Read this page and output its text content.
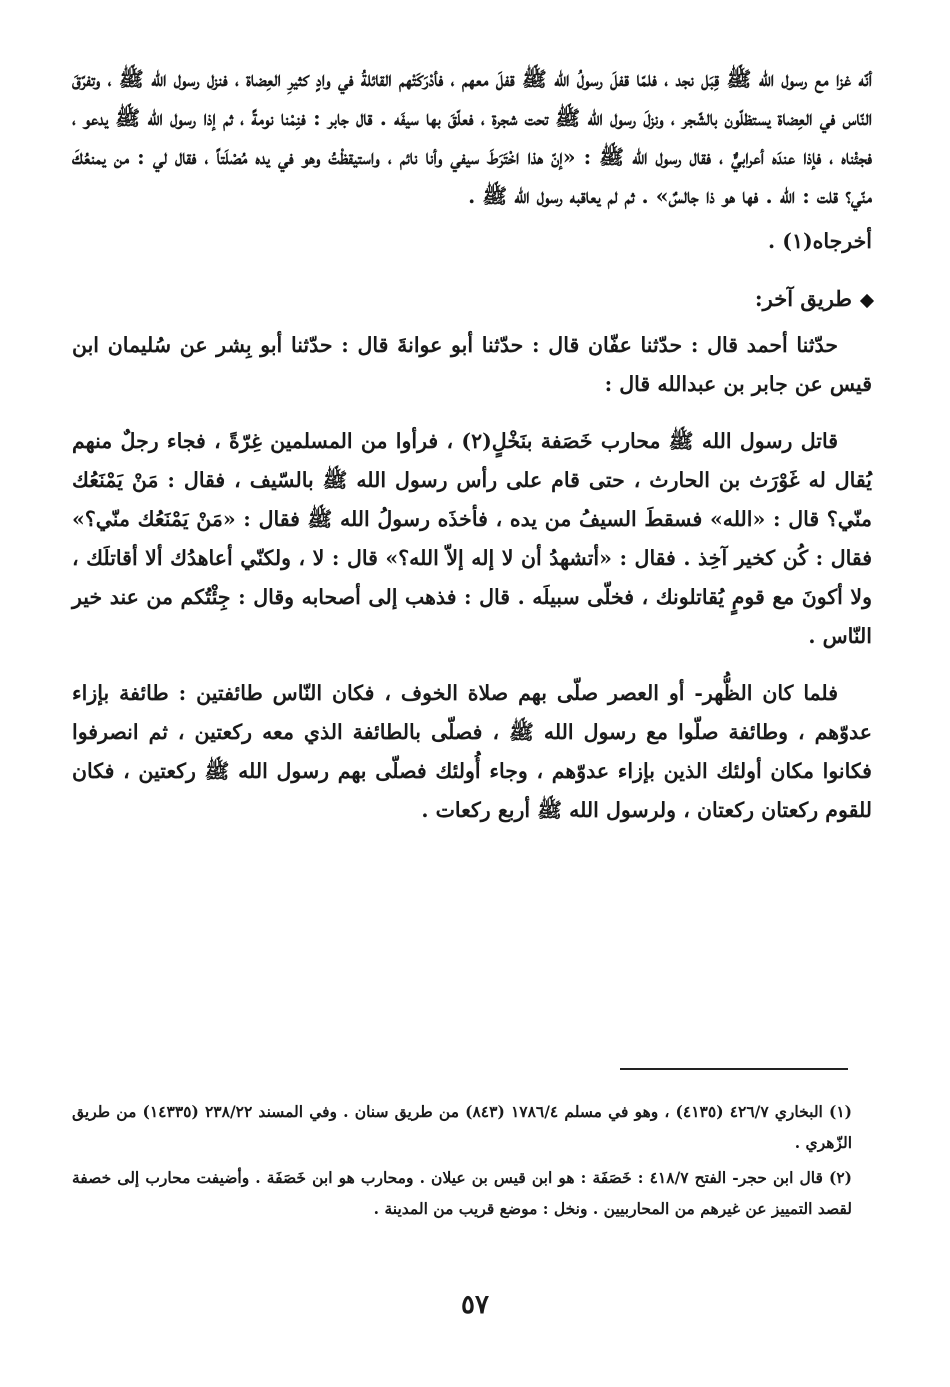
أنّه غزا مع رسول الله ﷺ قِبَل نجد ، فلمّا قفلَ رسولُ الله ﷺ قفلَ معهم ، فأدْرَكَتْهم القائلةُ في وادٍ كثيرِ العِضاة ، فنزل رسول الله ﷺ ، وتفرّقَ النّاس في العِضاة يستظلّون بالشّجر ، ونزلَ رسول الله ﷺ تحت شجرة ، فعلّقَ بها سيفَه . قال جابر : فنِمْنا نومةً ، ثم إذا رسول الله ﷺ يدعو ، فجئْناه ، فإذا عندَه أعرابيٌّ ، فقال رسول الله ﷺ : «إنّ هذا اخْتَرَطَ سيفي وأنا نائم ، واستيقظْتُ وهو في يده مُصْلَتاً ، فقال لي : من يمنعُكَ منّي؟ قلت : الله . فها هو ذا جالسٌ» . ثم لم يعاقبه رسول الله ﷺ .

أخرجاه(١) .

طريق آخر:

حدّثنا أحمد قال : حدّثنا عفّان قال : حدّثنا أبو عوانةَ قال : حدّثنا أبو بِشر عن سُليمان ابن قيس عن جابر بن عبدالله قال :

قاتل رسول الله ﷺ محارب خَصَفة بنَخْلٍ(٢) ، فرأوا من المسلمين غِرّةً ، فجاء رجلٌ منهم يُقال له غَوْرَث بن الحارث ، حتى قام على رأس رسول الله ﷺ بالسّيف ، فقال : مَنْ يَمْنَعُك منّي؟ قال : «الله» فسقطَ السيفُ من يده ، فأخذَه رسولُ الله ﷺ فقال : «مَنْ يَمْنَعُك منّي؟» فقال : كُن كخير آخِذ . فقال : «أتشهدُ أن لا إله إلاّ الله؟» قال : لا ، ولكنّي أعاهدُك ألا أقاتلَك ، ولا أكونَ مع قومٍ يُقاتلونك ، فخلّى سبيلَه . قال : فذهب إلى أصحابه وقال : جِئْتُكم من عند خير النّاس .

فلما كان الظُّهر- أو العصر صلّى بهم صلاة الخوف ، فكان النّاس طائفتين : طائفة بإزاء عدوّهم ، وطائفة صلّوا مع رسول الله ﷺ ، فصلّى بالطائفة الذي معه ركعتين ، ثم انصرفوا فكانوا مكان أولئك الذين بإزاء عدوّهم ، وجاء أُولئك فصلّى بهم رسول الله ﷺ ركعتين ، فكان للقوم ركعتان ركعتان ، ولرسول الله ﷺ أربع ركعات .

(١) البخاري ٤٢٦/٧ (٤١٣٥) ، وهو في مسلم ١٧٨٦/٤ (٨٤٣) من طريق سنان . وفي المسند ٢٣٨/٢٢ (١٤٣٣٥) من طريق الزّهري .

(٢) قال ابن حجر- الفتح ٤١٨/٧ : خَصَفَة : هو ابن قيس بن عيلان . ومحارب هو ابن خَصَفَة . وأضيفت محارب إلى خصفة لقصد التمييز عن غيرهم من المحاربيين . ونخل : موضع قريب من المدينة .

٥٧
